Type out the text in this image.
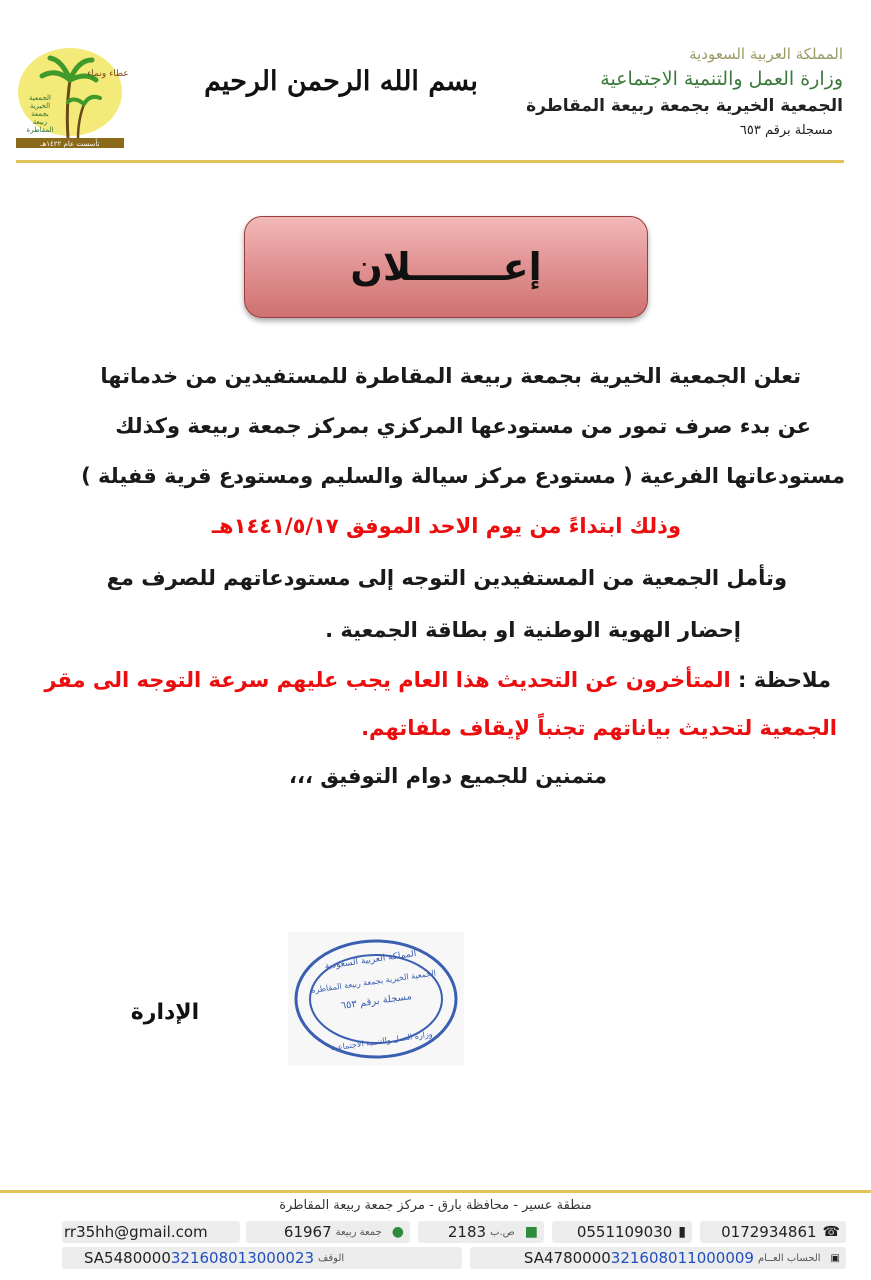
المملكة العربية السعودية

وزارة العمل والتنمية الاجتماعية

الجمعية الخيرية بجمعة ربيعة المقاطرة

مسجلة برقم ٦٥٣

بسم الله الرحمن الرحيم
تأسست عام ١٤٢٢هـ
الجمعية
الخيرية
بجمعة
ربيعة
المقاطرة
عطاء ونماء
إعـــــــلان
تعلن الجمعية الخيرية بجمعة ربيعة المقاطرة للمستفيدين من خدماتها
عن بدء صرف تمور من مستودعها المركزي بمركز جمعة ربيعة وكذلك
مستودعاتها الفرعية ( مستودع مركز سيالة والسليم ومستودع قرية قفيلة )
وذلك ابتداءً من يوم الاحد الموفق ١٤٤١/٥/١٧هـ
وتأمل الجمعية من المستفيدين التوجه إلى مستودعاتهم للصرف مع
إحضار الهوية الوطنية او بطاقة الجمعية .
ملاحظة : المتأخرون عن التحديث هذا العام يجب عليهم سرعة التوجه الى مقر
الجمعية لتحديث بياناتهم تجنباً لإيقاف ملفاتهم.
متمنين للجميع دوام التوفيق ،،،
الإدارة
المملكة العربية السعودية
الجمعية الخيرية بجمعة ربيعة المقاطرة
مسجلة برقم ٦٥٣
وزارة العمل والتنمية الاجتماعية
منطقة عسير - محافظة بارق - مركز جمعة ربيعة المقاطرة
0172934861 ☎
0551109030 ▮
2183 ص.ب ■
61967 جمعة ربيعة ●
rr35hh@gmail.com
SA4780000321608011000009 الحساب العــام ▣
SA5480000321608013000023 الوقف
